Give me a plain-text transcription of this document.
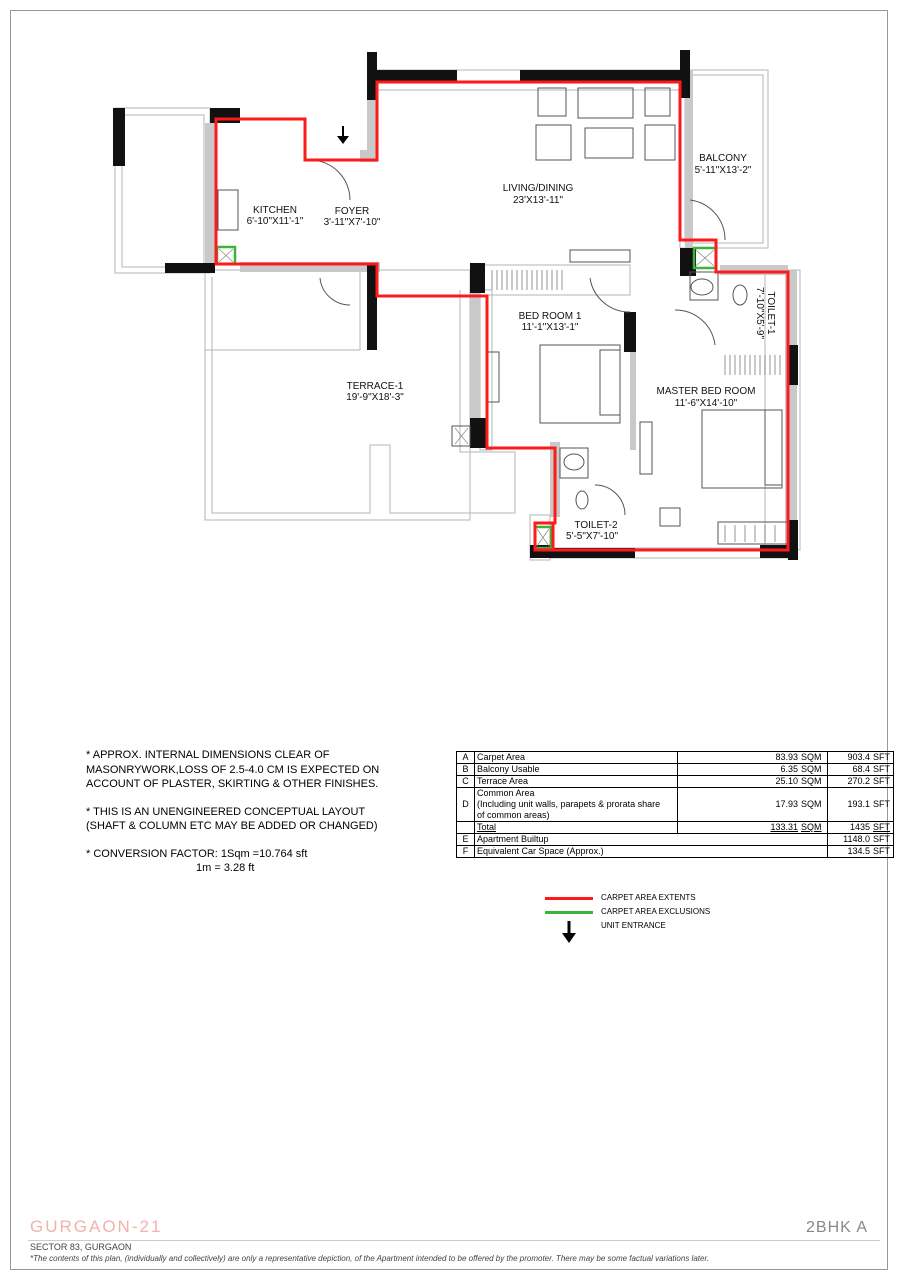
KITCHEN
6'-10"X11'-1"
FOYER
3'-11"X7'-10"
LIVING/DINING
23'X13'-11"
BALCONY
5'-11"X13'-2"
BED ROOM 1
11'-1"X13'-1"
MASTER BED ROOM
11'-6"X14'-10"
TERRACE-1
19'-9"X18'-3"
TOILET-2
5'-5"X7'-10"
TOILET-1
7'-10"X5'-9"

* APPROX. INTERNAL DIMENSIONS CLEAR OF
MASONRYWORK,LOSS OF 2.5-4.0 CM IS EXPECTED ON
ACCOUNT OF PLASTER, SKIRTING & OTHER FINISHES.

* THIS IS AN UNENGINEERED CONCEPTUAL LAYOUT
(SHAFT & COLUMN ETC MAY BE ADDED OR CHANGED)

* CONVERSION FACTOR: 1Sqm =10.764 sft
1m = 3.28 ft

A	Carpet Area	83.93	SQM	903.4	SFT
B	Balcony Usable	6.35	SQM	68.4	SFT
C	Terrace Area	25.10	SQM	270.2	SFT
D	Common Area
(Including unit walls, parapets & prorata share
of common areas)	17.93	SQM	193.1	SFT
	Total	133.31	SQM	1435	SFT
E	Apartment Builtup			1148.0	SFT
F	Equivalent Car Space (Approx.)			134.5	SFT
CARPET AREA EXTENTS
CARPET AREA EXCLUSIONS
UNIT ENTRANCE
GURGAON-21	2BHK A
SECTOR 83, GURGAON
*The contents of this plan, (individually and collectively) are only a representative depiction, of the Apartment intended to be offered by the promoter. There may be some factual variations later.
